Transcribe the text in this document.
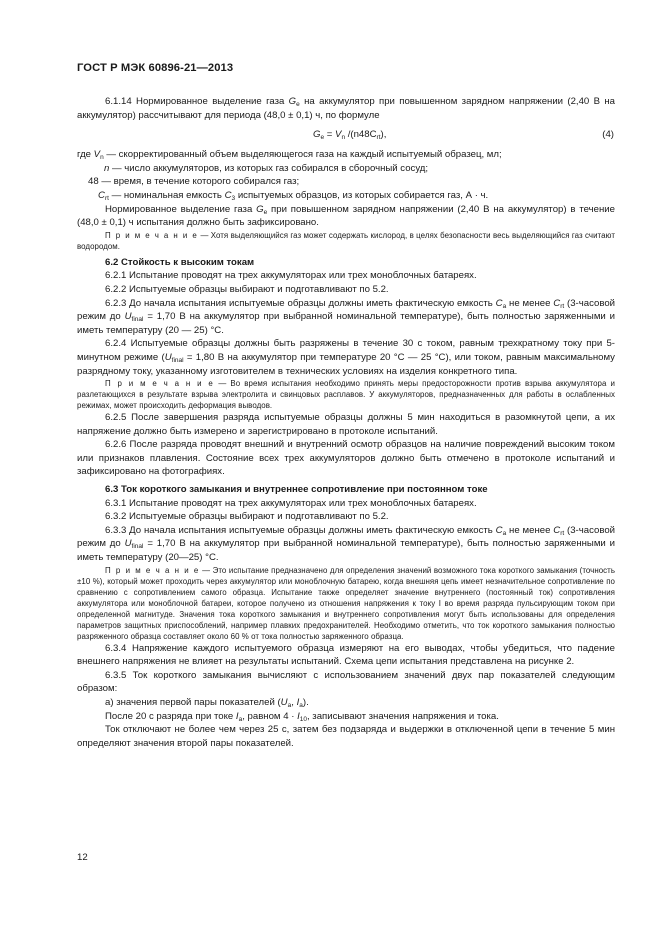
ГОСТ Р МЭК 60896-21—2013

6.1.14 Нормированное выделение газа $G_e$ на аккумулятор при повышенном зарядном напряжении (2,40 В на аккумулятор) рассчитывают для периода (48,0 ± 0,1) ч, по формуле

$G_e = V_n$ $/(n48C_{rt})$,	(4)

где $V_n$ — скорректированный объем выделяющегося газа на каждый испытуемый образец, мл;

n — число аккумуляторов, из которых газ собирался в сборочный сосуд;

48 — время, в течение которого собирался газ;

$C_{rt}$ — номинальная емкость $C_3$ испытуемых образцов, из которых собирается газ, А · ч.

Нормированное выделение газа $G_e$ при повышенном зарядном напряжении (2,40 В на аккумулятор) в течение (48,0 ± 0,1) ч испытания должно быть зафиксировано.

П р и м е ч а н и е — Хотя выделяющийся газ может содержать кислород, в целях безопасности весь выделяющийся газ считают водородом.

6.2 Стойкость к высоким токам

6.2.1 Испытание проводят на трех аккумуляторах или трех моноблочных батареях.

6.2.2 Испытуемые образцы выбирают и подготавливают по 5.2.

6.2.3 До начала испытания испытуемые образцы должны иметь фактическую емкость $C_a$ не менее $C_{rt}$ (3-часовой режим до $U_{final} = 1,70$ В на аккумулятор при выбранной номинальной температуре), быть полностью заряженными и иметь температуру (20 — 25) °С.

6.2.4 Испытуемые образцы должны быть разряжены в течение 30 с током, равным трехкратному току при 5-минутном режиме ($U_{final} = 1,80$ В на аккумулятор при температуре 20 °С — 25 °С), или током, равным максимальному разрядному току, указанному изготовителем в технических условиях на изделия конкретного типа.

П р и м е ч а н и е — Во время испытания необходимо принять меры предосторожности против взрыва аккумулятора и разлетающихся в результате взрыва электролита и свинцовых расплавов. У аккумуляторов, предназначенных для работы в ослабленных режимах, может происходить деформация выводов.

6.2.5 После завершения разряда испытуемые образцы должны 5 мин находиться в разомкнутой цепи, а их напряжение должно быть измерено и зарегистрировано в протоколе испытаний.

6.2.6 После разряда проводят внешний и внутренний осмотр образцов на наличие повреждений высоким током или признаков плавления. Состояние всех трех аккумуляторов должно быть отмечено в протоколе испытаний и зафиксировано на фотографиях.

6.3 Ток короткого замыкания и внутреннее сопротивление при постоянном токе

6.3.1 Испытание проводят на трех аккумуляторах или трех моноблочных батареях.

6.3.2 Испытуемые образцы выбирают и подготавливают по 5.2.

6.3.3 До начала испытания испытуемые образцы должны иметь фактическую емкость $C_a$ не менее $C_{rt}$ (3-часовой режим до $U_{final} = 1,70$ В на аккумулятор при выбранной номинальной температуре), быть полностью заряженными и иметь температуру (20—25) °С.

П р и м е ч а н и е — Это испытание предназначено для определения значений возможного тока короткого замыкания (точность ±10 %), который может проходить через аккумулятор или моноблочную батарею, когда внешняя цепь имеет незначительное сопротивление по сравнению с сопротивлением самого образца. Испытание также определяет значение внутреннего (постоянный ток) сопротивления аккумулятора или моноблочной батареи, которое получено из отношения напряжения к току I во время разряда пульсирующим током при определенной магнитуде. Значения тока короткого замыкания и внутреннего сопротивления могут быть использованы для определения параметров защитных приспособлений, например плавких предохранителей. Необходимо отметить, что ток короткого замыкания полностью разряженного образца составляет около 60 % от тока полностью заряженного образца.

6.3.4 Напряжение каждого испытуемого образца измеряют на его выводах, чтобы убедиться, что падение внешнего напряжения не влияет на результаты испытаний. Схема цепи испытания представлена на рисунке 2.

6.3.5 Ток короткого замыкания вычисляют с использованием значений двух пар показателей следующим образом:

а) значения первой пары показателей ($U_a$, $I_a$).

После 20 с разряда при токе $I_a$, равном $4 \cdot I_{10}$, записывают значения напряжения и тока.

Ток отключают не более чем через 25 с, затем без подзаряда и выдержки в отключенной цепи в течение 5 мин определяют значения второй пары показателей.

12
